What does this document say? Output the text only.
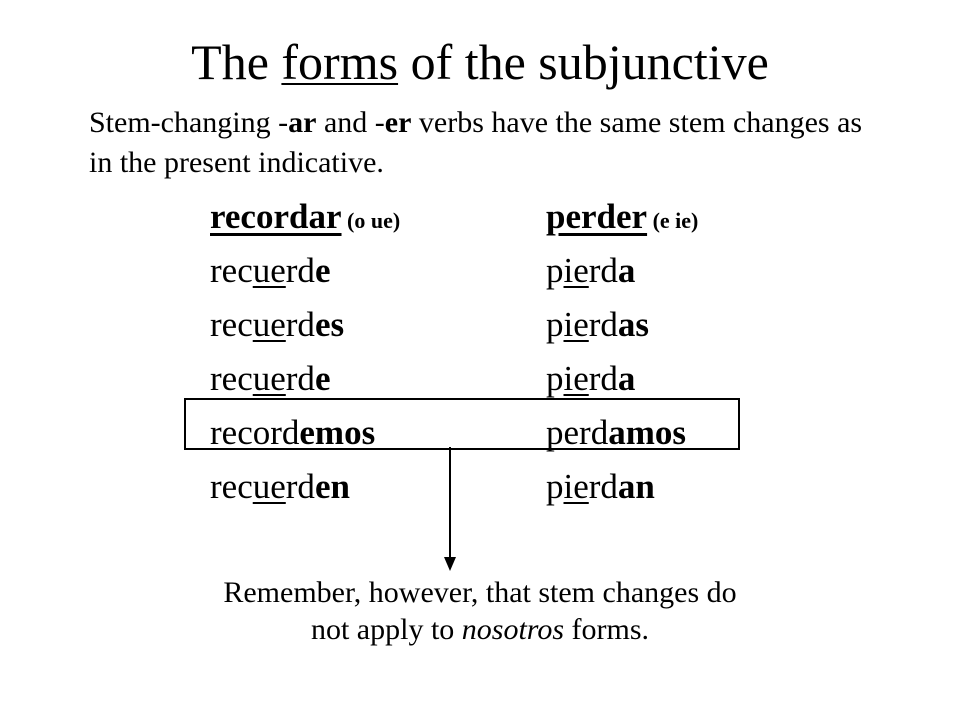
The forms of the subjunctive
Stem-changing -ar and -er verbs have the same stem changes as in the present indicative.
recordar (o ue)
recuerde
recuerdes
recuerde
recordemos
recuerden
perder (e ie)
pierda
pierdas
pierda
perdamos
pierdan
Remember, however, that stem changes do
not apply to nosotros forms.
